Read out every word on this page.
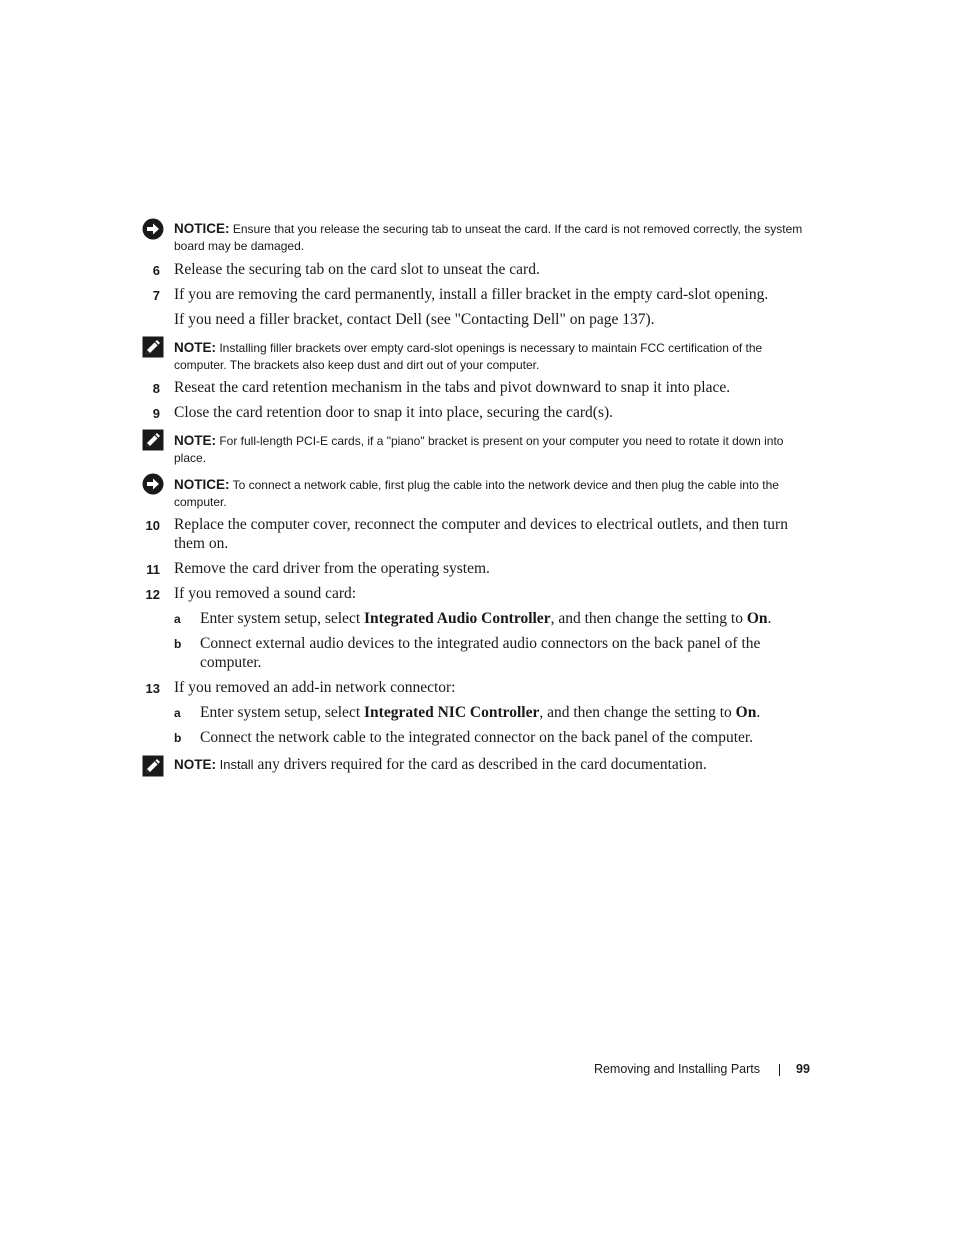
NOTICE: Ensure that you release the securing tab to unseat the card. If the card is not removed correctly, the system board may be damaged.
6 Release the securing tab on the card slot to unseat the card.
7 If you are removing the card permanently, install a filler bracket in the empty card-slot opening.
If you need a filler bracket, contact Dell (see "Contacting Dell" on page 137).
NOTE: Installing filler brackets over empty card-slot openings is necessary to maintain FCC certification of the computer. The brackets also keep dust and dirt out of your computer.
8 Reseat the card retention mechanism in the tabs and pivot downward to snap it into place.
9 Close the card retention door to snap it into place, securing the card(s).
NOTE: For full-length PCI-E cards, if a "piano" bracket is present on your computer you need to rotate it down into place.
NOTICE: To connect a network cable, first plug the cable into the network device and then plug the cable into the computer.
10 Replace the computer cover, reconnect the computer and devices to electrical outlets, and then turn them on.
11 Remove the card driver from the operating system.
12 If you removed a sound card:
a	Enter system setup, select Integrated Audio Controller, and then change the setting to On.
b	Connect external audio devices to the integrated audio connectors on the back panel of the computer.
13 If you removed an add-in network connector:
a	Enter system setup, select Integrated NIC Controller, and then change the setting to On.
b	Connect the network cable to the integrated connector on the back panel of the computer.
NOTE: Install any drivers required for the card as described in the card documentation.
Removing and Installing Parts	99
